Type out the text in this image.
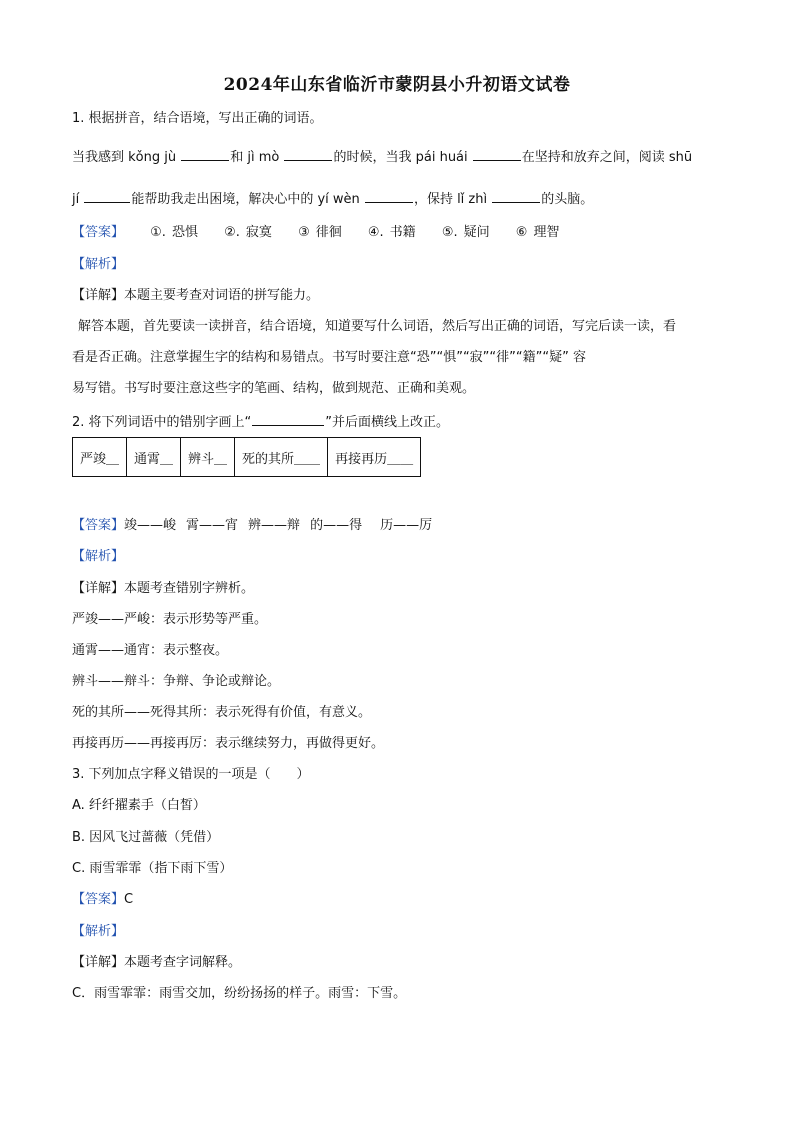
2024年山东省临沂市蒙阴县小升初语文试卷
1. 根据拼音，结合语境，写出正确的词语。
当我感到 kǒng jù	和 jì mò	的时候，当我 pái huái	在坚持和放弃之间，阅读 shū
jí	能帮助我走出困境，解决心中的 yí wèn	，保持 lǐ zhì	的头脑。
【答案】 ①. 恐惧 ②. 寂寞 ③ 徘徊 ④. 书籍 ⑤. 疑问 ⑥ 理智
【解析】
【详解】本题主要考查对词语的拼写能力。
解答本题，首先要读一读拼音，结合语境，知道要写什么词语，然后写出正确的词语，写完后读一读，看
看是否正确。注意掌握生字的结构和易错点。书写时要注意“恐”“惧”“寂”“徘”“籍”“疑” 容
易写错。书写时要注意这些字的笔画、结构，做到规范、正确和美观。
2. 将下列词语中的错别字画上“	”并后面横线上改正。
严竣＿	通霄＿	辨斗＿	死的其所＿＿	再接再历＿＿
【答案】竣——峻 霄——宵 辨——辩 的——得 历——厉
【解析】
【详解】本题考查错别字辨析。
严竣——严峻：表示形势等严重。
通霄——通宵：表示整夜。
辨斗——辩斗：争辩、争论或辩论。
死的其所——死得其所：表示死得有价值，有意义。
再接再历——再接再厉：表示继续努力，再做得更好。
3. 下列加点字释义错误的一项是（　　）
A. 纤纤擢素手（白皙）
B. 因风飞过蔷薇（凭借）
C. 雨雪霏霏（指下雨下雪）
【答案】C
【解析】
【详解】本题考查字词解释。
C．雨雪霏霏：雨雪交加，纷纷扬扬的样子。雨雪：下雪。
